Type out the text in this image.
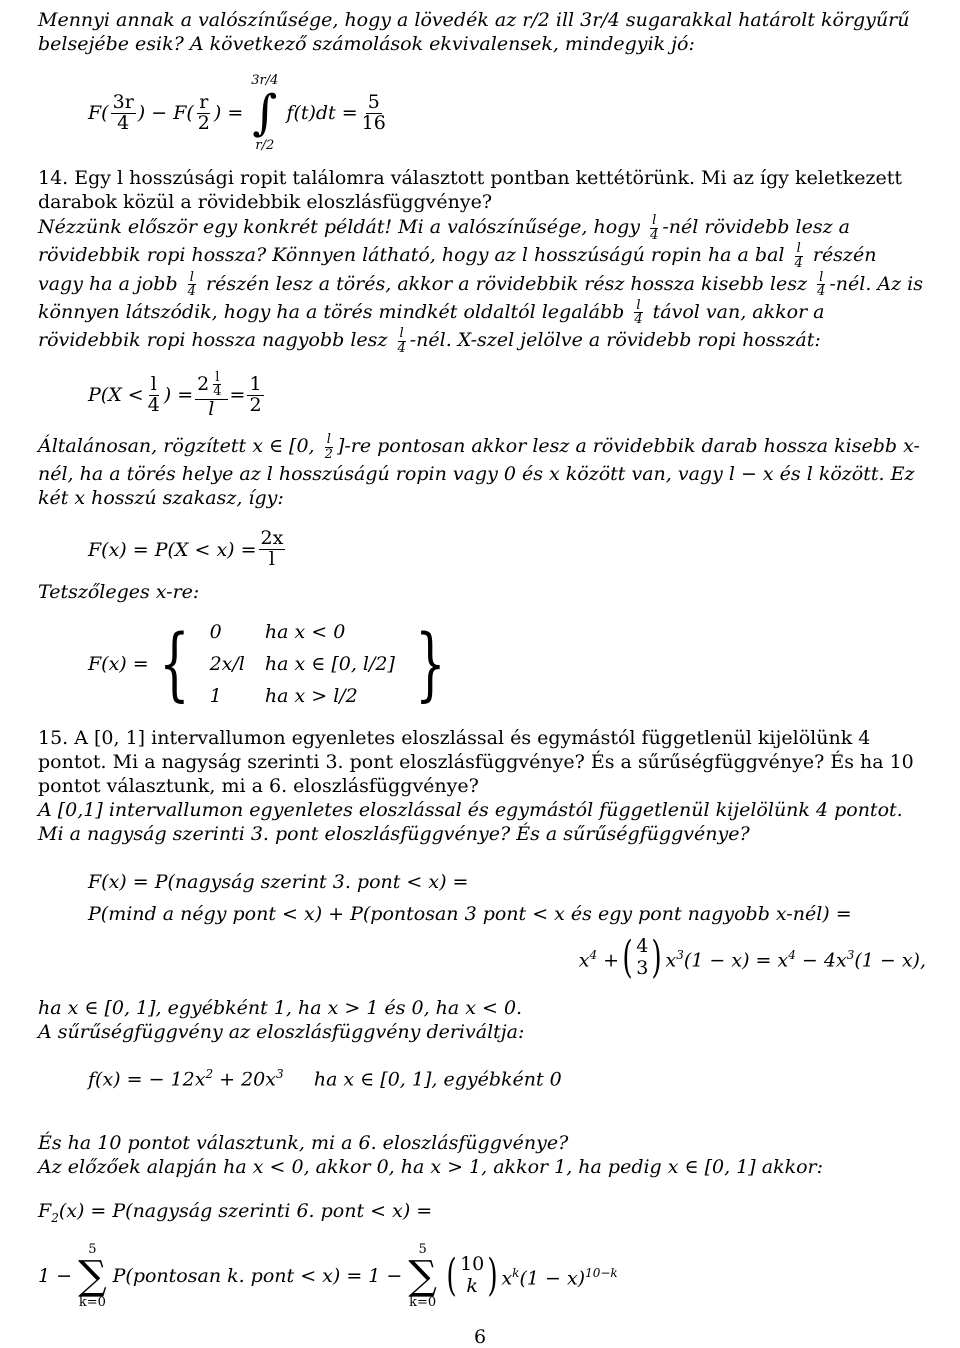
Mennyi annak a valószínűsége, hogy a lövedék az r/2 ill 3r/4 sugarakkal határolt körgyűrű belsejébe esik? A következő számolások ekvivalensek, mindegyik jó:

$F( \frac{3r}{4}$ ) − $F( \frac{r}{2}$ ) =
3r/4
∫
r/2
$f(t)dt = \frac{5}{16}$

14. Egy l hosszúsági ropit találomra választott pontban kettétörünk. Mi az így keletkezett darabok közül a rövidebbik eloszlásfüggvénye?

Nézzünk először egy konkrét példát! Mi a valószínűsége, hogy $\frac{l}{4}$ -nél rövidebb lesz a rövidebbik ropi hossza? Könnyen látható, hogy az l hosszúságú ropin ha a bal $\frac{l}{4}$ részén vagy ha a jobb $\frac{l}{4}$ részén lesz a törés, akkor a rövidebbik rész hossza kisebb lesz $\frac{l}{4}$ -nél. Az is könnyen látszódik, hogy ha a törés mindkét oldaltól legalább $\frac{l}{4}$ távol van, akkor a rövidebbik ropi hossza nagyobb lesz $\frac{l}{4}$ -nél. X-szel jelölve a rövidebb ropi hosszát:

$P(X < \frac{l}{4}$ ) = $\frac{2 \frac{l}{4}}{l} = \frac{1}{2}$

Általánosan, rögzített x ∈ [0, $\frac{l}{2} ]-re$ pontosan akkor lesz a rövidebbik darab hossza kisebb x-nél, ha a törés helye az l hosszúságú ropin vagy 0 és x között van, vagy l − x és l között. Ez két x hosszú szakasz, így:

$F(x) = P(X < x) = \frac{2x}{l}$

Tetszőleges x-re:

F(x) = { 0	ha x < 0
2x/l	ha x ∈ [0, l/2]
1	ha x > l/2 }

15. A [0, 1] intervallumon egyenletes eloszlással és egymástól függetlenül kijelölünk 4 pontot. Mi a nagyság szerinti 3. pont eloszlásfüggvénye? És a sűrűségfüggvénye? És ha 10 pontot választunk, mi a 6. eloszlásfüggvénye?

A [0,1] intervallumon egyenletes eloszlással és egymástól függetlenül kijelölünk 4 pontot. Mi a nagyság szerinti 3. pont eloszlásfüggvénye? És a sűrűségfüggvénye?

F(x) = P(nagyság szerint 3. pont < x) =

P(mind a négy pont < x) + P(pontosan 3 pont < x és egy pont nagyobb x-nél) =

$x^4$ + ( 4
3 ) $x^3(1 - x) = x^4 - 4x^3(1 - x)$,

ha x ∈ [0, 1], egyébként 1, ha x > 1 és 0, ha x < 0.

A sűrűségfüggvény az eloszlásfüggvény deriváltja:

f(x) = − $12x^2 + 20x^3$ ha x ∈ [0, 1], egyébként 0

És ha 10 pontot választunk, mi a 6. eloszlásfüggvénye?

Az előzőek alapján ha x < 0, akkor 0, ha x > 1, akkor 1, ha pedig x ∈ [0, 1] akkor:

$F_2(x)$ = P(nagyság szerinti 6. pont < x) =

1 −
5
∑
k=0
P(pontosan k. pont < x) = 1 −
5
∑
k=0
( 10
k ) $x^k(1 - x)^{10-k}$
6
